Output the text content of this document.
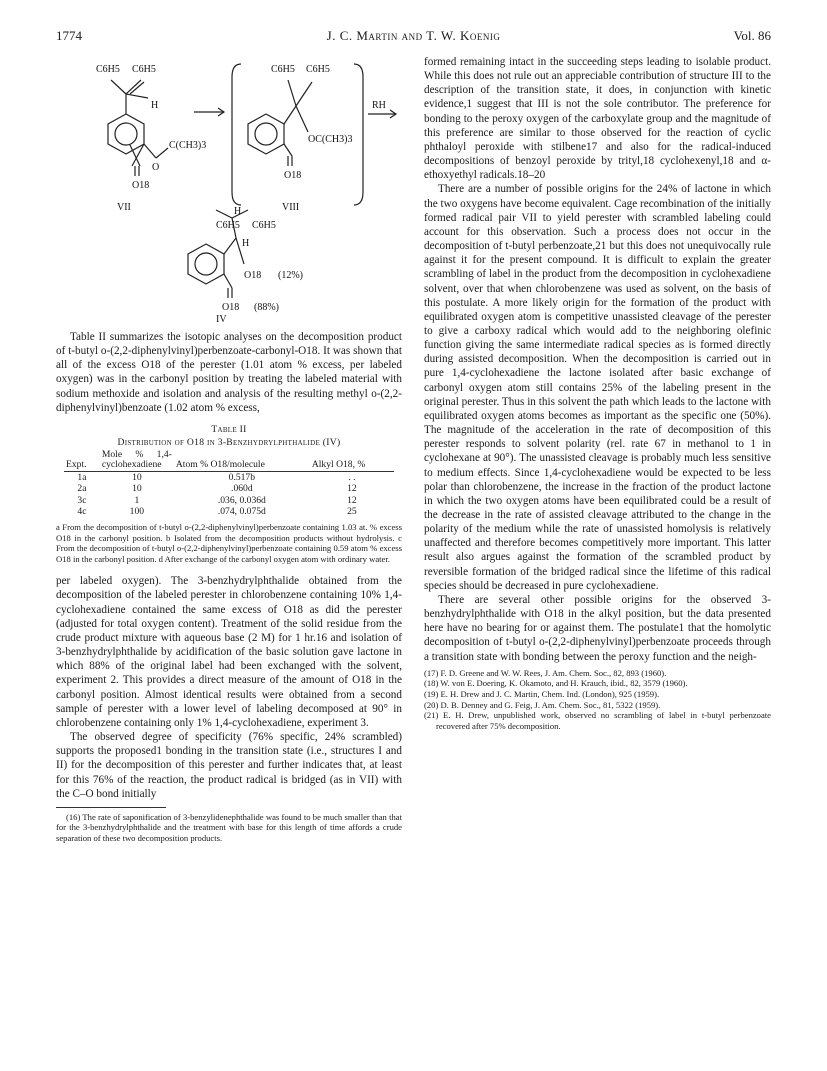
1774	J. C. Martin and T. W. Koenig	Vol. 86
C6H5 C6H5
H
C(CH3)3
O
O18
VII
C6H5 C6H5
OC(CH3)3
O18
VIII
RH
H
C6H5 C6H5
H
O18 (12%)
O18 (88%)
IV

Table II summarizes the isotopic analyses on the decomposition product of t-butyl o-(2,2-diphenylvinyl)perbenzoate-carbonyl-O18. It was shown that all of the excess O18 of the perester (1.01 atom % excess, per labeled oxygen) was in the carbonyl position by treating the labeled material with sodium methoxide and isolation and analysis of the resulting methyl o-(2,2-diphenylvinyl)benzoate (1.02 atom % excess,

Table II
Distribution of O18 in 3-Benzhydrylphthalide (IV)
Expt.	Mole % 1,4-cyclohexadiene	Atom % O18/molecule	Alkyl O18, %
1a	10	0.517b	. .
2a	10	.060d	12
3c	1	.036, 0.036d	12
4c	100	.074, 0.075d	25
a From the decomposition of t-butyl o-(2,2-diphenylvinyl)perbenzoate containing 1.03 at. % excess O18 in the carbonyl position. b Isolated from the decomposition products without hydrolysis. c From the decomposition of t-butyl o-(2,2-diphenylvinyl)perbenzoate containing 0.59 atom % excess O18 in the carbonyl position. d After exchange of the carbonyl oxygen atom with ordinary water.

per labeled oxygen). The 3-benzhydrylphthalide obtained from the decomposition of the labeled perester in chlorobenzene containing 10% 1,4-cyclohexadiene contained the same excess of O18 as did the perester (adjusted for total oxygen content). Treatment of the solid residue from the crude product mixture with aqueous base (2 M) for 1 hr.16 and isolation of 3-benzhydrylphthalide by acidification of the basic solution gave lactone in which 88% of the original label had been exchanged with the solvent, experiment 2. This provides a direct measure of the amount of O18 in the carbonyl position. Almost identical results were obtained from a second sample of perester with a lower level of labeling decomposed at 90° in chlorobenzene containing only 1% 1,4-cyclohexadiene, experiment 3.

The observed degree of specificity (76% specific, 24% scrambled) supports the proposed1 bonding in the transition state (i.e., structures I and II) for the decomposition of this perester and further indicates that, at least for this 76% of the reaction, the product radical is bridged (as in VII) with the C–O bond initially

(16) The rate of saponification of 3-benzylidenephthalide was found to be much smaller than that for the 3-benzhydrylphthalide and the treatment with base for this length of time affords a crude separation of these two decomposition products.

formed remaining intact in the succeeding steps leading to isolable product. While this does not rule out an appreciable contribution of structure III to the description of the transition state, it does, in conjunction with kinetic evidence,1 suggest that III is not the sole contributor. The preference for bonding to the peroxy oxygen of the carboxylate group and the magnitude of this preference are similar to those observed for the reaction of cyclic phthaloyl peroxide with stilbene17 and also for the radical-induced decompositions of benzoyl peroxide by trityl,18 cyclohexenyl,18 and α-ethoxyethyl radicals.18–20

There are a number of possible origins for the 24% of lactone in which the two oxygens have become equivalent. Cage recombination of the initially formed radical pair VII to yield perester with scrambled labeling could account for this observation. Such a process does not occur in the decomposition of t-butyl perbenzoate,21 but this does not unequivocally rule against it for the present compound. It is difficult to explain the greater scrambling of label in the product from the decomposition in cyclohexadiene solvent, over that when chlorobenzene was used as solvent, on the basis of this postulate. A more likely origin for the formation of the product with equilibrated oxygen atom is competitive unassisted cleavage of the perester to give a carboxy radical which would add to the neighboring olefinic function giving the same intermediate radical species as is formed directly during assisted decomposition. When the decomposition is carried out in pure 1,4-cyclohexadiene the lactone isolated after basic exchange of carbonyl oxygen atom still contains 25% of the labeling present in the original perester. Thus in this solvent the path which leads to the lactone with equilibrated oxygen atoms becomes as important as the specific one (50%). The magnitude of the acceleration in the rate of decomposition of this perester responds to solvent polarity (rel. rate 67 in methanol to 1 in cyclohexane at 90°). The unassisted cleavage is probably much less sensitive to medium effects. Since 1,4-cyclohexadiene would be expected to be less polar than chlorobenzene, the increase in the fraction of the product lactone in which the two oxygen atoms have been equilibrated could be a result of the decrease in the rate of assisted cleavage attributed to the change in the polarity of the medium while the rate of unassisted homolysis is relatively unaffected and therefore becomes competitively more important. This latter result also argues against the formation of the scrambled product by reversible formation of the bridged radical since the lifetime of this radical species should be decreased in pure cyclohexadiene.

There are several other possible origins for the observed 3-benzhydrylphthalide with O18 in the alkyl position, but the data presented here have no bearing for or against them. The postulate1 that the homolytic decomposition of t-butyl o-(2,2-diphenylvinyl)perbenzoate proceeds through a transition state with bonding between the peroxy function and the neigh-

(17) F. D. Greene and W. W. Rees, J. Am. Chem. Soc., 82, 893 (1960).
(18) W. von E. Doering, K. Okamoto, and H. Krauch, ibid., 82, 3579 (1960).
(19) E. H. Drew and J. C. Martin, Chem. Ind. (London), 925 (1959).
(20) D. B. Denney and G. Feig, J. Am. Chem. Soc., 81, 5322 (1959).
(21) E. H. Drew, unpublished work, observed no scrambling of label in t-butyl perbenzoate recovered after 75% decomposition.
